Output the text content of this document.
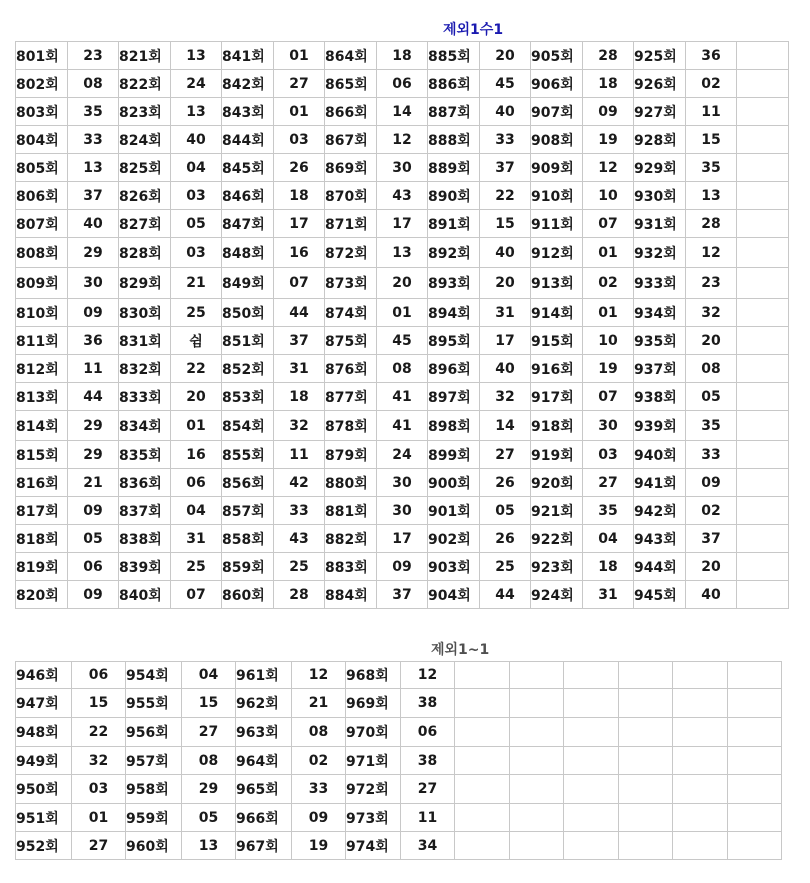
제외1수1
801회	23	821회	13	841회	01	864회	18	885회	20	905회	28	925회	36	
802회	08	822회	24	842회	27	865회	06	886회	45	906회	18	926회	02	
803회	35	823회	13	843회	01	866회	14	887회	40	907회	09	927회	11	
804회	33	824회	40	844회	03	867회	12	888회	33	908회	19	928회	15	
805회	13	825회	04	845회	26	869회	30	889회	37	909회	12	929회	35	
806회	37	826회	03	846회	18	870회	43	890회	22	910회	10	930회	13	
807회	40	827회	05	847회	17	871회	17	891회	15	911회	07	931회	28	
808회	29	828회	03	848회	16	872회	13	892회	40	912회	01	932회	12	
809회	30	829회	21	849회	07	873회	20	893회	20	913회	02	933회	23	
810회	09	830회	25	850회	44	874회	01	894회	31	914회	01	934회	32	
811회	36	831회	쉼	851회	37	875회	45	895회	17	915회	10	935회	20	
812회	11	832회	22	852회	31	876회	08	896회	40	916회	19	937회	08	
813회	44	833회	20	853회	18	877회	41	897회	32	917회	07	938회	05	
814회	29	834회	01	854회	32	878회	41	898회	14	918회	30	939회	35	
815회	29	835회	16	855회	11	879회	24	899회	27	919회	03	940회	33	
816회	21	836회	06	856회	42	880회	30	900회	26	920회	27	941회	09	
817회	09	837회	04	857회	33	881회	30	901회	05	921회	35	942회	02	
818회	05	838회	31	858회	43	882회	17	902회	26	922회	04	943회	37	
819회	06	839회	25	859회	25	883회	09	903회	25	923회	18	944회	20	
820회	09	840회	07	860회	28	884회	37	904회	44	924회	31	945회	40	
제외1~1
946회	06	954회	04	961회	12	968회	12						
947회	15	955회	15	962회	21	969회	38						
948회	22	956회	27	963회	08	970회	06						
949회	32	957회	08	964회	02	971회	38						
950회	03	958회	29	965회	33	972회	27						
951회	01	959회	05	966회	09	973회	11						
952회	27	960회	13	967회	19	974회	34						
